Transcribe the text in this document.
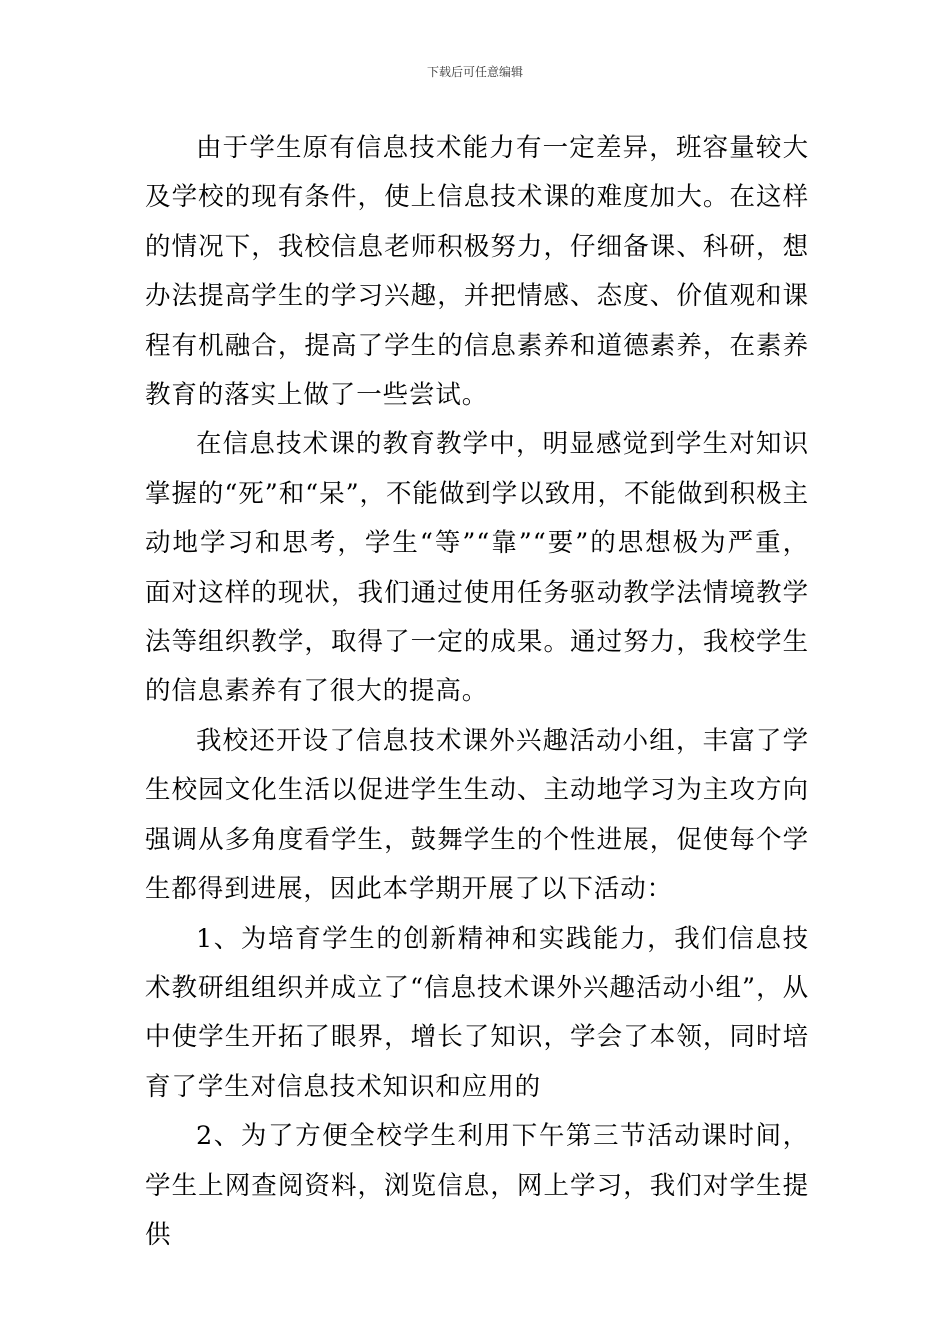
下载后可任意编辑

由于学生原有信息技术能力有一定差异，班容量较大及学校的现有条件，使上信息技术课的难度加大。在这样的情况下，我校信息老师积极努力，仔细备课、科研，想办法提高学生的学习兴趣，并把情感、态度、价值观和课程有机融合，提高了学生的信息素养和道德素养，在素养教育的落实上做了一些尝试。

在信息技术课的教育教学中，明显感觉到学生对知识掌握的“死”和“呆”，不能做到学以致用，不能做到积极主动地学习和思考，学生“等”“靠”“要”的思想极为严重，面对这样的现状，我们通过使用任务驱动教学法情境教学法等组织教学，取得了一定的成果。通过努力，我校学生的信息素养有了很大的提高。

我校还开设了信息技术课外兴趣活动小组，丰富了学生校园文化生活以促进学生生动、主动地学习为主攻方向强调从多角度看学生，鼓舞学生的个性进展，促使每个学生都得到进展，因此本学期开展了以下活动：

1、为培育学生的创新精神和实践能力，我们信息技术教研组组织并成立了“信息技术课外兴趣活动小组”，从中使学生开拓了眼界，增长了知识，学会了本领，同时培育了学生对信息技术知识和应用的

2、为了方便全校学生利用下午第三节活动课时间，学生上网查阅资料，浏览信息，网上学习，我们对学生提供
